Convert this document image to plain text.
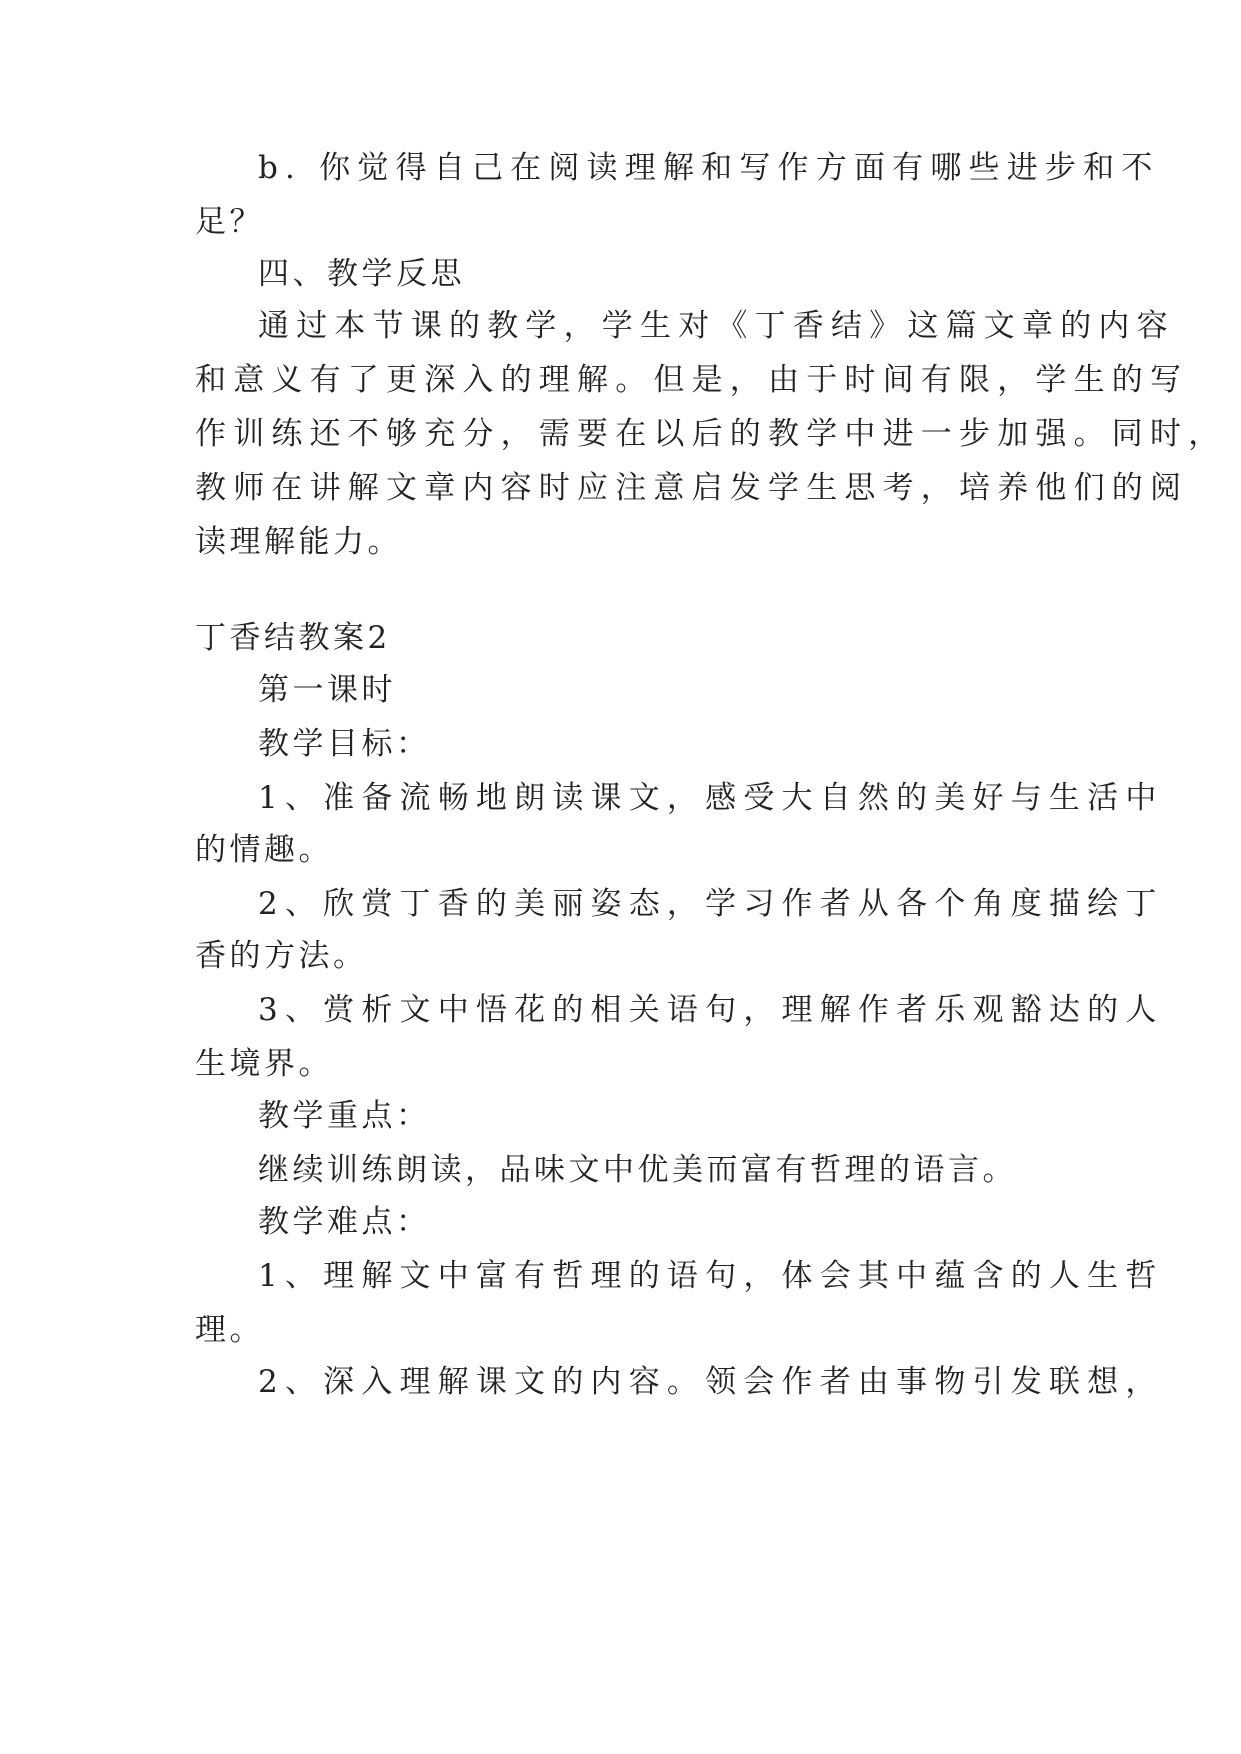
b. 你觉得自己在阅读理解和写作方面有哪些进步和不
足？
四、教学反思
通过本节课的教学，学生对《丁香结》这篇文章的内容
和意义有了更深入的理解。但是，由于时间有限，学生的写
作训练还不够充分，需要在以后的教学中进一步加强。同时，
教师在讲解文章内容时应注意启发学生思考，培养他们的阅
读理解能力。
丁香结教案2
第一课时
教学目标：
1、准备流畅地朗读课文，感受大自然的美好与生活中
的情趣。
2、欣赏丁香的美丽姿态，学习作者从各个角度描绘丁
香的方法。
3、赏析文中悟花的相关语句，理解作者乐观豁达的人
生境界。
教学重点：
继续训练朗读，品味文中优美而富有哲理的语言。
教学难点：
1、理解文中富有哲理的语句，体会其中蕴含的人生哲
理。
2、深入理解课文的内容。领会作者由事物引发联想，
